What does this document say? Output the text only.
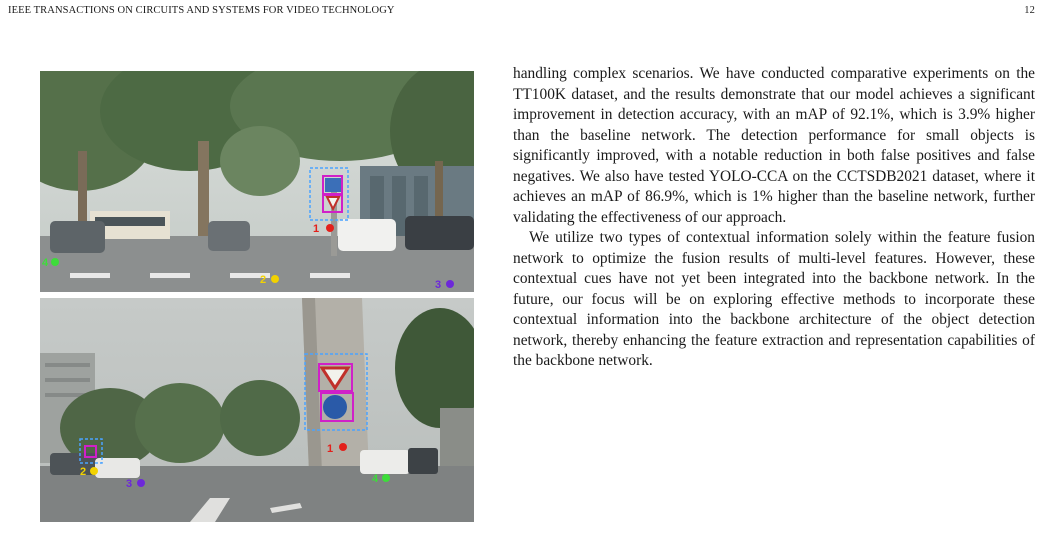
IEEE TRANSACTIONS ON CIRCUITS AND SYSTEMS FOR VIDEO TECHNOLOGY	12
1
2	3
4
1
2
3	4

handling complex scenarios. We have conducted comparative experiments on the TT100K dataset, and the results demonstrate that our model achieves a significant improvement in detection accuracy, with an mAP of 92.1%, which is 3.9% higher than the baseline network. The detection performance for small objects is significantly improved, with a notable reduction in both false positives and false negatives. We also have tested YOLO-CCA on the CCTSDB2021 dataset, where it achieves an mAP of 86.9%, which is 1% higher than the baseline network, further validating the effectiveness of our approach.

We utilize two types of contextual information solely within the feature fusion network to optimize the fusion results of multi-level features. However, these contextual cues have not yet been integrated into the backbone network. In the future, our focus will be on exploring effective methods to incorporate these contextual information into the backbone architecture of the object detection network, thereby enhancing the feature extraction and representation capabilities of the backbone network.
